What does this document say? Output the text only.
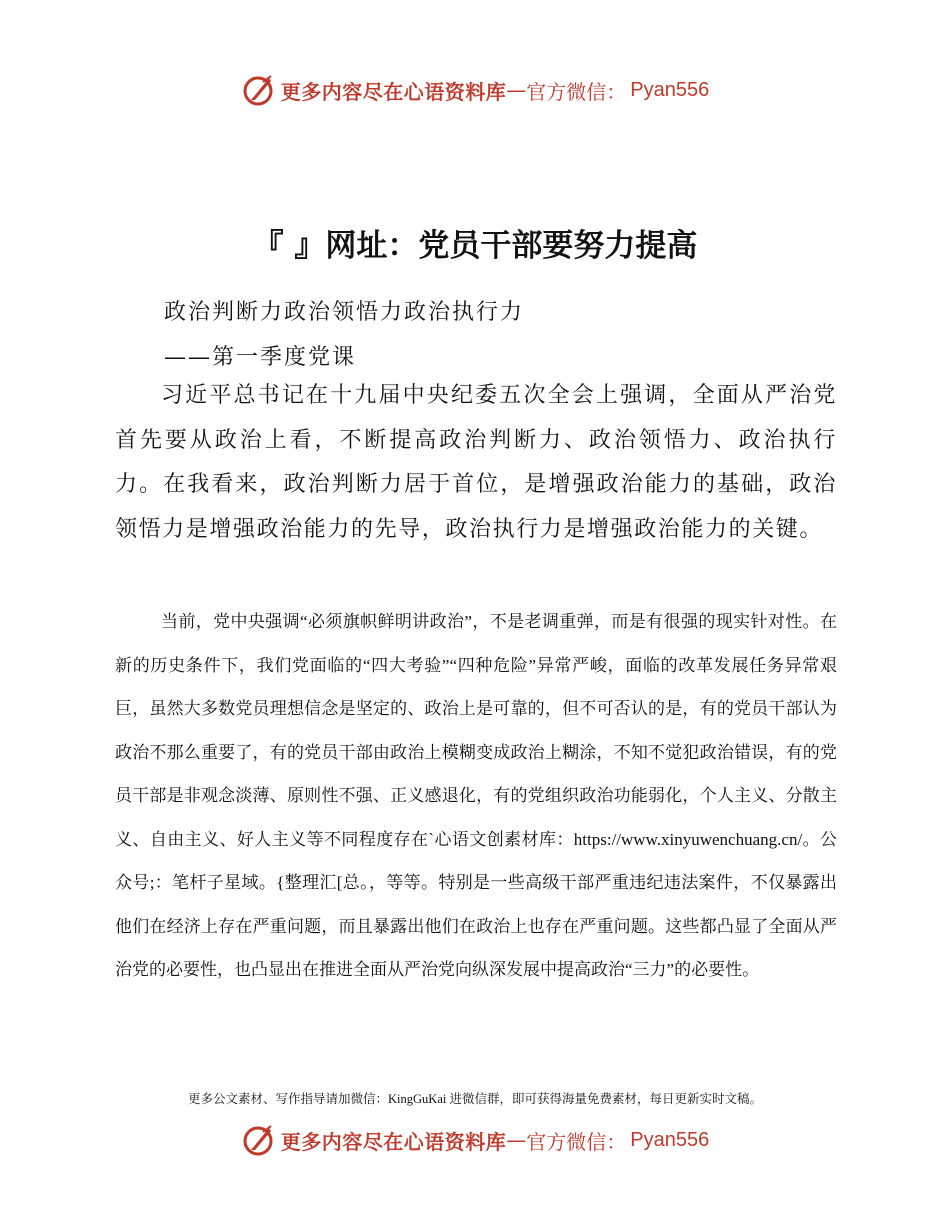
更多内容尽在心语资料库 — 官方微信： Pyan556
『 』网址：党员干部要努力提高
政治判断力政治领悟力政治执行力
——第一季度党课

习近平总书记在十九届中央纪委五次全会上强调，全面从严治党首先要从政治上看，不断提高政治判断力、政治领悟力、政治执行力。在我看来，政治判断力居于首位，是增强政治能力的基础，政治领悟力是增强政治能力的先导，政治执行力是增强政治能力的关键。

当前，党中央强调“必须旗帜鲜明讲政治”，不是老调重弹，而是有很强的现实针对性。在新的历史条件下，我们党面临的“四大考验”“四种危险”异常严峻，面临的改革发展任务异常艰巨，虽然大多数党员理想信念是坚定的、政治上是可靠的，但不可否认的是，有的党员干部认为政治不那么重要了，有的党员干部由政治上模糊变成政治上糊涂，不知不觉犯政治错误，有的党员干部是非观念淡薄、原则性不强、正义感退化，有的党组织政治功能弱化，个人主义、分散主义、自由主义、好人主义等不同程度存在`心语文创素材库：https://www.xinyuwenchuang.cn/。公众号;：笔杆子星域。{整理汇[总。，等等。特别是一些高级干部严重违纪违法案件，不仅暴露出他们在经济上存在严重问题，而且暴露出他们在政治上也存在严重问题。这些都凸显了全面从严治党的必要性，也凸显出在推进全面从严治党向纵深发展中提高政治“三力”的必要性。

更多公文素材、写作指导请加微信：KingGuKai 进微信群，即可获得海量免费素材，每日更新实时文稿。
更多内容尽在心语资料库 — 官方微信： Pyan556
